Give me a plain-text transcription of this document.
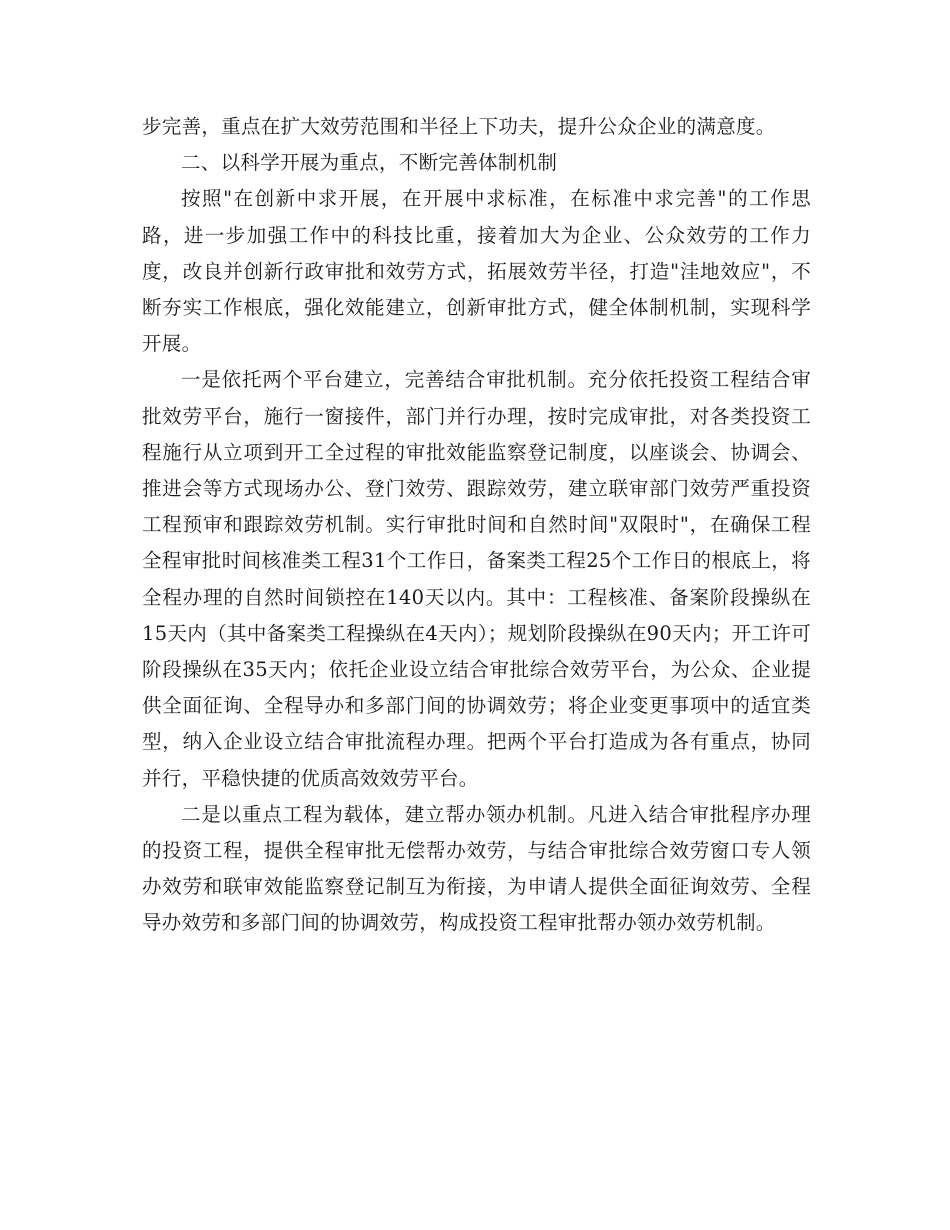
步完善，重点在扩大效劳范围和半径上下功夫，提升公众企业的满意度。

二、以科学开展为重点，不断完善体制机制

按照"在创新中求开展，在开展中求标准，在标准中求完善"的工作思路，进一步加强工作中的科技比重，接着加大为企业、公众效劳的工作力度，改良并创新行政审批和效劳方式，拓展效劳半径，打造"洼地效应"，不断夯实工作根底，强化效能建立，创新审批方式，健全体制机制，实现科学开展。

一是依托两个平台建立，完善结合审批机制。充分依托投资工程结合审批效劳平台，施行一窗接件，部门并行办理，按时完成审批，对各类投资工程施行从立项到开工全过程的审批效能监察登记制度，以座谈会、协调会、推进会等方式现场办公、登门效劳、跟踪效劳，建立联审部门效劳严重投资工程预审和跟踪效劳机制。实行审批时间和自然时间"双限时"，在确保工程全程审批时间核准类工程31个工作日，备案类工程25个工作日的根底上，将全程办理的自然时间锁控在140天以内。其中：工程核准、备案阶段操纵在15天内（其中备案类工程操纵在4天内）；规划阶段操纵在90天内；开工许可阶段操纵在35天内；依托企业设立结合审批综合效劳平台，为公众、企业提供全面征询、全程导办和多部门间的协调效劳；将企业变更事项中的适宜类型，纳入企业设立结合审批流程办理。把两个平台打造成为各有重点，协同并行，平稳快捷的优质高效效劳平台。

二是以重点工程为载体，建立帮办领办机制。凡进入结合审批程序办理的投资工程，提供全程审批无偿帮办效劳，与结合审批综合效劳窗口专人领办效劳和联审效能监察登记制互为衔接，为申请人提供全面征询效劳、全程导办效劳和多部门间的协调效劳，构成投资工程审批帮办领办效劳机制。
